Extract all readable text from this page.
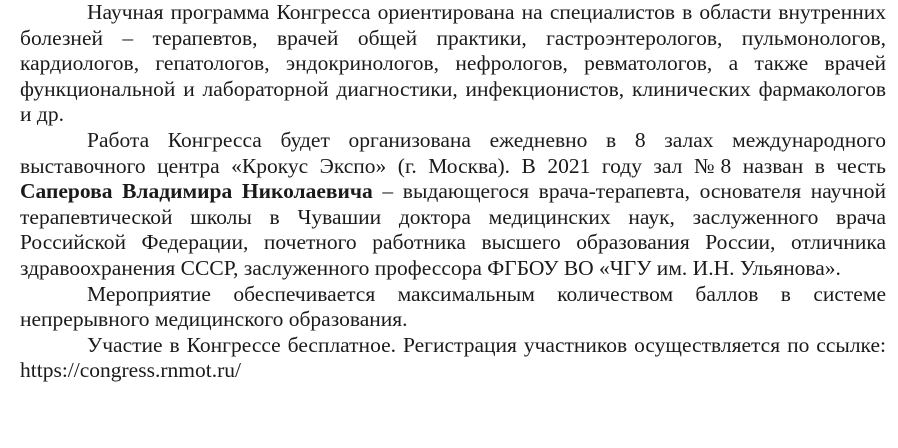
Научная программа Конгресса ориентирована на специалистов в области внутренних болезней – терапевтов, врачей общей практики, гастроэнтерологов, пульмонологов, кардиологов, гепатологов, эндокринологов, нефрологов, ревматологов, а также врачей функциональной и лабораторной диагностики, инфекционистов, клинических фармакологов и др.

Работа Конгресса будет организована ежедневно в 8 залах международного выставочного центра «Крокус Экспо» (г. Москва). В 2021 году зал №8 назван в честь Саперова Владимира Николаевича – выдающегося врача-терапевта, основателя научной терапевтической школы в Чувашии доктора медицинских наук, заслуженного врача Российской Федерации, почетного работника высшего образования России, отличника здравоохранения СССР, заслуженного профессора ФГБОУ ВО «ЧГУ им. И.Н. Ульянова».

Мероприятие обеспечивается максимальным количеством баллов в системе непрерывного медицинского образования.

Участие в Конгрессе бесплатное. Регистрация участников осуществляется по ссылке: https://congress.rnmot.ru/
